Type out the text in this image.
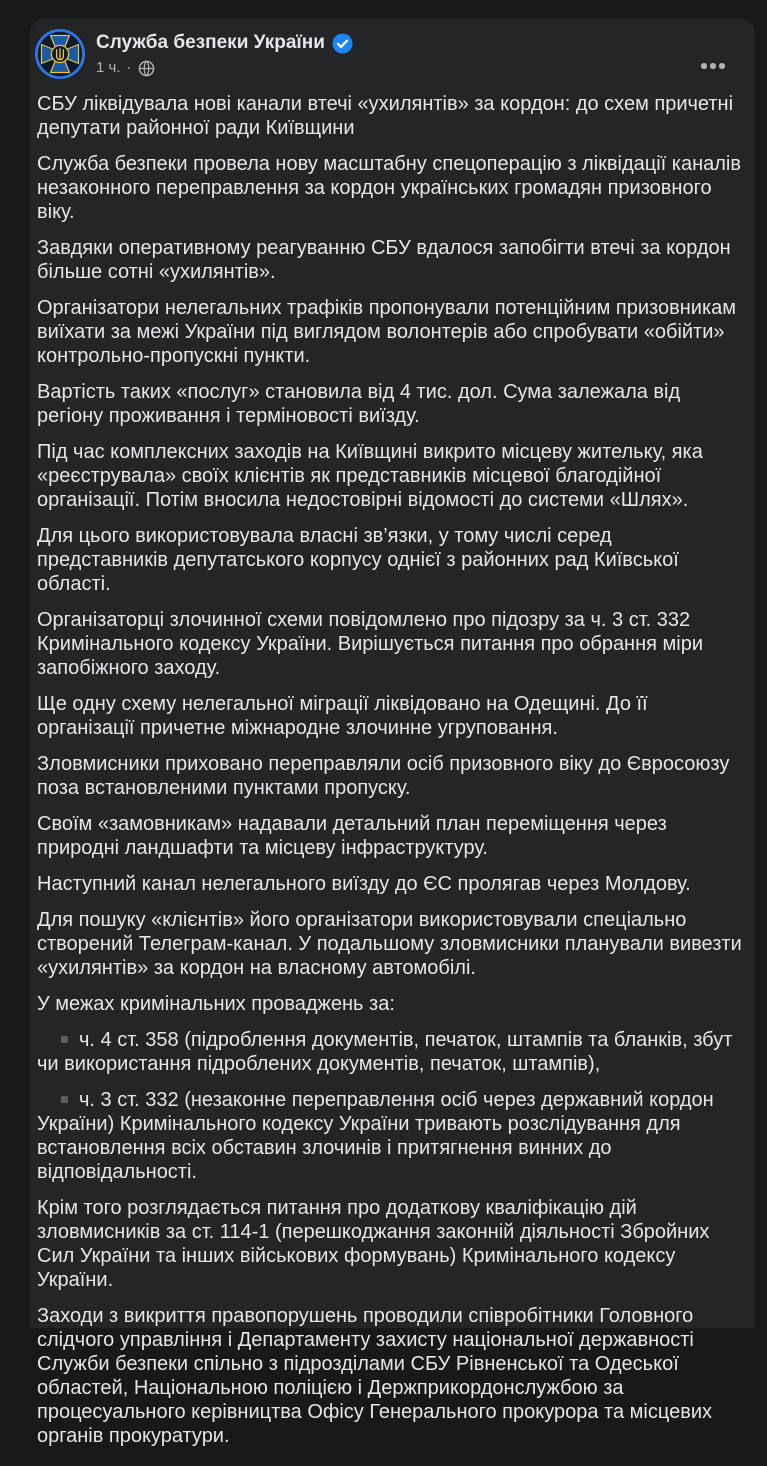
Служба безпеки України
1 ч. ·

СБУ ліквідувала нові канали втечі «ухилянтів» за кордон: до схем причетні депутати районної ради Київщини

Служба безпеки провела нову масштабну спецоперацію з ліквідації каналів незаконного переправлення за кордон українських громадян призовного віку.

Завдяки оперативному реагуванню СБУ вдалося запобігти втечі за кордон більше сотні «ухилянтів».

Організатори нелегальних трафіків пропонували потенційним призовникам виїхати за межі України під виглядом волонтерів або спробувати «обійти» контрольно-пропускні пункти.

Вартість таких «послуг» становила від 4 тис. дол. Сума залежала від регіону проживання і терміновості виїзду.

Під час комплексних заходів на Київщині викрито місцеву жительку, яка «реєструвала» своїх клієнтів як представників місцевої благодійної організації. Потім вносила недостовірні відомості до системи «Шлях».

Для цього використовувала власні зв’язки, у тому числі серед представників депутатського корпусу однієї з районних рад Київської області.

Організаторці злочинної схеми повідомлено про підозру за ч. 3 ст. 332 Кримінального кодексу України. Вирішується питання про обрання міри запобіжного заходу.

Ще одну схему нелегальної міграції ліквідовано на Одещині. До її організації причетне міжнародне злочинне угруповання.

Зловмисники приховано переправляли осіб призовного віку до Євросоюзу поза встановленими пунктами пропуску.

Своїм «замовникам» надавали детальний план переміщення через природні ландшафти та місцеву інфраструктуру.

Наступний канал нелегального виїзду до ЄС пролягав через Молдову.

Для пошуку «клієнтів» його організатори використовували спеціально створений Телеграм-канал. У подальшому зловмисники планували вивезти «ухилянтів» за кордон на власному автомобілі.

У межах кримінальних проваджень за:

ч. 4 ст. 358 (підроблення документів, печаток, штампів та бланків, збут чи використання підроблених документів, печаток, штампів),

ч. 3 ст. 332 (незаконне переправлення осіб через державний кордон України) Кримінального кодексу України тривають розслідування для встановлення всіх обставин злочинів і притягнення винних до відповідальності.

Крім того розглядається питання про додаткову кваліфікацію дій зловмисників за ст. 114-1 (перешкоджання законній діяльності Збройних Сил України та інших військових формувань) Кримінального кодексу України.

Заходи з викриття правопорушень проводили співробітники Головного слідчого управління і Департаменту захисту національної державності Служби безпеки спільно з підрозділами СБУ Рівненської та Одеської областей, Національною поліцією і Держприкордонслужбою за процесуального керівництва Офісу Генерального прокурора та місцевих органів прокуратури.
